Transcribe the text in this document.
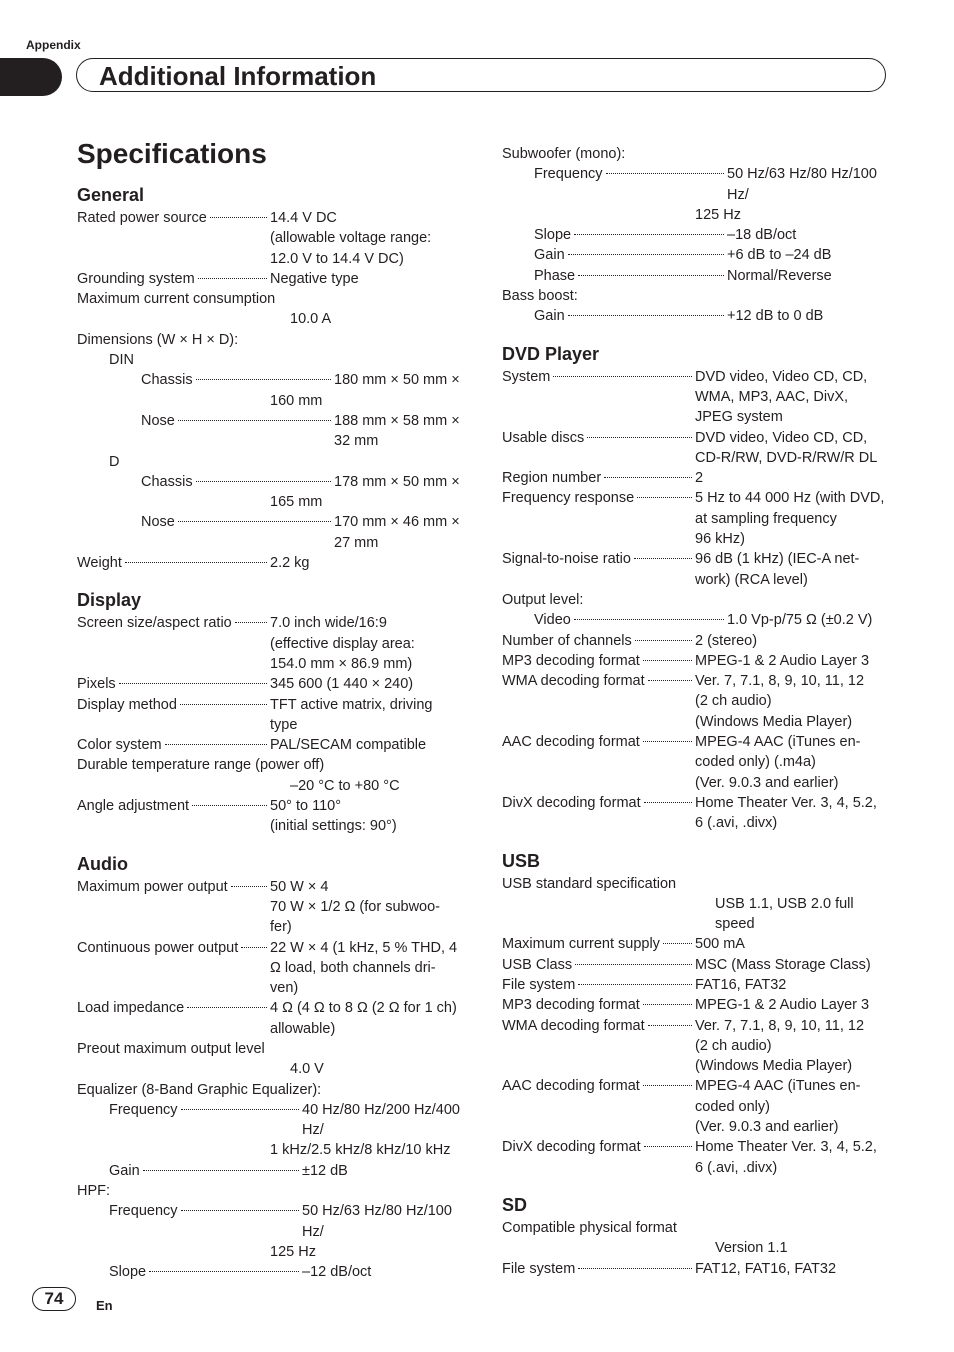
Appendix
Additional Information
Specifications
General
Rated power source	14.4 V DC
(allowable voltage range:
12.0 V to 14.4 V DC)
Grounding system	Negative type
Maximum current consumption
10.0 A
Dimensions (W × H × D):
DIN
Chassis	180 mm × 50 mm ×
160 mm
Nose	188 mm × 58 mm × 32 mm
D
Chassis	178 mm × 50 mm ×
165 mm
Nose	170 mm × 46 mm × 27 mm
Weight	2.2 kg
Display
Screen size/aspect ratio	7.0 inch wide/16:9
(effective display area:
154.0 mm × 86.9 mm)
Pixels	345 600 (1 440 × 240)
Display method	TFT active matrix, driving
type
Color system	PAL/SECAM compatible
Durable temperature range (power off)
–20 °C to +80 °C
Angle adjustment	50° to 110°
(initial settings: 90°)
Audio
Maximum power output	50 W × 4
70 W × 1/2 Ω (for subwoo-
fer)
Continuous power output 22 W × 4 (1 kHz, 5 % THD, 4
Ω load, both channels dri-
ven)
Load impedance	4 Ω (4 Ω to 8 Ω (2 Ω for 1 ch)
allowable)
Preout maximum output level
4.0 V
Equalizer (8-Band Graphic Equalizer):
Frequency	40 Hz/80 Hz/200 Hz/400 Hz/
1 kHz/2.5 kHz/8 kHz/10 kHz
Gain	±12 dB
HPF:
Frequency	50 Hz/63 Hz/80 Hz/100 Hz/
125 Hz
Slope	–12 dB/oct
Subwoofer (mono):
Frequency	50 Hz/63 Hz/80 Hz/100 Hz/
125 Hz
Slope	–18 dB/oct
Gain	+6 dB to –24 dB
Phase	Normal/Reverse
Bass boost:
Gain	+12 dB to 0 dB
DVD Player
System	DVD video, Video CD, CD,
WMA, MP3, AAC, DivX,
JPEG system
Usable discs	DVD video, Video CD, CD,
CD-R/RW, DVD-R/RW/R DL
Region number	2
Frequency response	5 Hz to 44 000 Hz (with DVD,
at sampling frequency
96 kHz)
Signal-to-noise ratio	96 dB (1 kHz) (IEC-A net-
work) (RCA level)
Output level:
Video	1.0 Vp-p/75 Ω (±0.2 V)
Number of channels	2 (stereo)
MP3 decoding format	MPEG-1 & 2 Audio Layer 3
WMA decoding format	Ver. 7, 7.1, 8, 9, 10, 11, 12
(2 ch audio)
(Windows Media Player)
AAC decoding format	MPEG-4 AAC (iTunes en-
coded only) (.m4a)
(Ver. 9.0.3 and earlier)
DivX decoding format	Home Theater Ver. 3, 4, 5.2,
6 (.avi, .divx)
USB
USB standard specification
USB 1.1, USB 2.0 full speed
Maximum current supply 500 mA
USB Class	MSC (Mass Storage Class)
File system	FAT16, FAT32
MP3 decoding format	MPEG-1 & 2 Audio Layer 3
WMA decoding format	Ver. 7, 7.1, 8, 9, 10, 11, 12
(2 ch audio)
(Windows Media Player)
AAC decoding format	MPEG-4 AAC (iTunes en-
coded only)
(Ver. 9.0.3 and earlier)
DivX decoding format	Home Theater Ver. 3, 4, 5.2,
6 (.avi, .divx)
SD
Compatible physical format
Version 1.1
File system	FAT12, FAT16, FAT32
74	En
